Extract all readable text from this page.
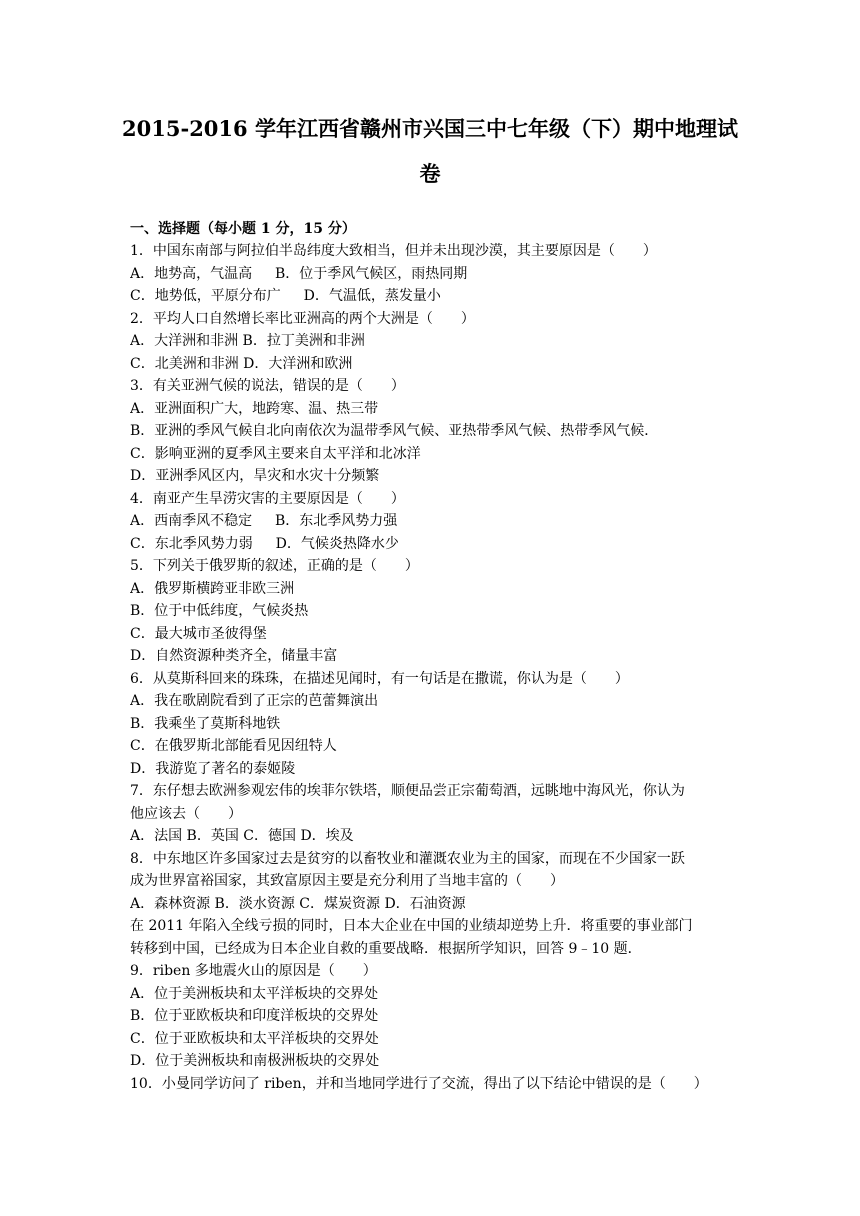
2015-2016 学年江西省赣州市兴国三中七年级（下）期中地理试
卷
一、选择题（每小题 1 分，15 分）
1．中国东南部与阿拉伯半岛纬度大致相当，但并未出现沙漠，其主要原因是（　　）
A．地势高，气温高　  B．位于季风气候区，雨热同期
C．地势低，平原分布广　  D．气温低，蒸发量小
2．平均人口自然增长率比亚洲高的两个大洲是（　　）
A．大洋洲和非洲 B．拉丁美洲和非洲
C．北美洲和非洲 D．大洋洲和欧洲
3．有关亚洲气候的说法，错误的是（　　）
A．亚洲面积广大，地跨寒、温、热三带
B．亚洲的季风气候自北向南依次为温带季风气候、亚热带季风气候、热带季风气候．
C．影响亚洲的夏季风主要来自太平洋和北冰洋
D．亚洲季风区内，旱灾和水灾十分频繁
4．南亚产生旱涝灾害的主要原因是（　　）
A．西南季风不稳定　  B．东北季风势力强
C．东北季风势力弱　  D．气候炎热降水少
5．下列关于俄罗斯的叙述，正确的是（　　）
A．俄罗斯横跨亚非欧三洲
B．位于中低纬度，气候炎热
C．最大城市圣彼得堡
D．自然资源种类齐全，储量丰富
6．从莫斯科回来的珠珠，在描述见闻时，有一句话是在撒谎，你认为是（　　）
A．我在歌剧院看到了正宗的芭蕾舞演出
B．我乘坐了莫斯科地铁
C．在俄罗斯北部能看见因纽特人
D．我游览了著名的泰姬陵
7．东仔想去欧洲参观宏伟的埃菲尔铁塔，顺便品尝正宗葡萄酒，远眺地中海风光，你认为
他应该去（　　）
A．法国 B．英国 C．德国 D．埃及
8．中东地区许多国家过去是贫穷的以畜牧业和灌溉农业为主的国家，而现在不少国家一跃
成为世界富裕国家，其致富原因主要是充分利用了当地丰富的（　　）
A．森林资源 B．淡水资源 C．煤炭资源 D．石油资源
在 2011 年陷入全线亏损的同时，日本大企业在中国的业绩却逆势上升．将重要的事业部门
转移到中国，已经成为日本企业自救的重要战略．根据所学知识，回答 9﹣10 题．
9．riben 多地震火山的原因是（　　）
A．位于美洲板块和太平洋板块的交界处
B．位于亚欧板块和印度洋板块的交界处
C．位于亚欧板块和太平洋板块的交界处
D．位于美洲板块和南极洲板块的交界处
10．小曼同学访问了 riben，并和当地同学进行了交流，得出了以下结论中错误的是（　　）
